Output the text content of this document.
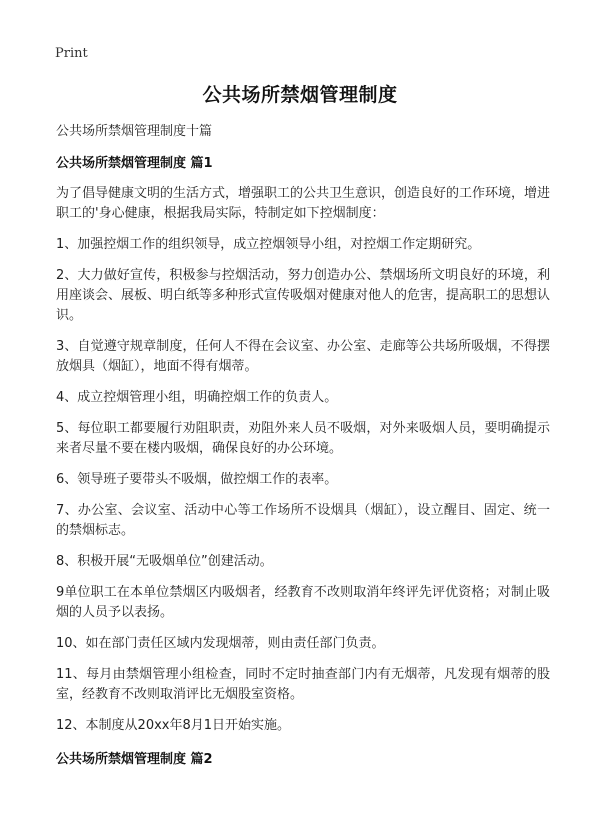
Print
公共场所禁烟管理制度

公共场所禁烟管理制度十篇

公共场所禁烟管理制度 篇1

为了倡导健康文明的生活方式，增强职工的公共卫生意识，创造良好的工作环境，增进职工的'身心健康，根据我局实际，特制定如下控烟制度：

1、加强控烟工作的组织领导，成立控烟领导小组，对控烟工作定期研究。

2、大力做好宣传，积极参与控烟活动，努力创造办公、禁烟场所文明良好的环境，利用座谈会、展板、明白纸等多种形式宣传吸烟对健康对他人的危害，提高职工的思想认识。

3、自觉遵守规章制度，任何人不得在会议室、办公室、走廊等公共场所吸烟，不得摆放烟具（烟缸），地面不得有烟蒂。

4、成立控烟管理小组，明确控烟工作的负责人。

5、每位职工都要履行劝阻职责，劝阻外来人员不吸烟，对外来吸烟人员，要明确提示来者尽量不要在楼内吸烟，确保良好的办公环境。

6、领导班子要带头不吸烟，做控烟工作的表率。

7、办公室、会议室、活动中心等工作场所不设烟具（烟缸），设立醒目、固定、统一的禁烟标志。

8、积极开展“无吸烟单位”创建活动。

9单位职工在本单位禁烟区内吸烟者，经教育不改则取消年终评先评优资格；对制止吸烟的人员予以表扬。

10、如在部门责任区域内发现烟蒂，则由责任部门负责。

11、每月由禁烟管理小组检查，同时不定时抽查部门内有无烟蒂，凡发现有烟蒂的股室，经教育不改则取消评比无烟股室资格。

12、本制度从20xx年8月1日开始实施。

公共场所禁烟管理制度 篇2
